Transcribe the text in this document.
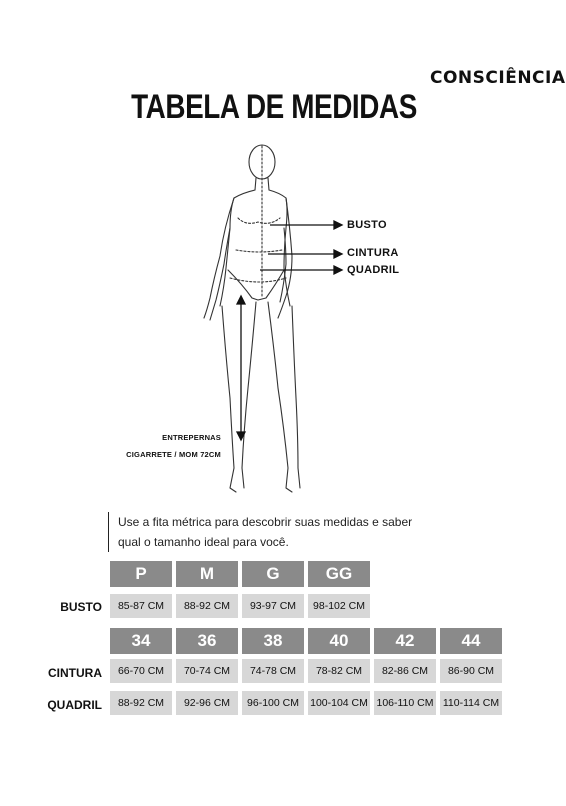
CONSCIÊNCIA
TABELA DE MEDIDAS
BUSTO
CINTURA
QUADRIL
ENTREPERNAS
CIGARRETE / MOM 72CM
Use a fita métrica para descobrir suas medidas e saber qual o tamanho ideal para você.
P	M	G	GG
BUSTO	85-87 CM	88-92 CM	93-97 CM	98-102 CM
34	36	38	40	42	44
CINTURA	66-70 CM	70-74 CM	74-78 CM	78-82 CM	82-86 CM	86-90 CM
QUADRIL	88-92 CM	92-96 CM	96-100 CM	100-104 CM 106-110 CM 110-114 CM
